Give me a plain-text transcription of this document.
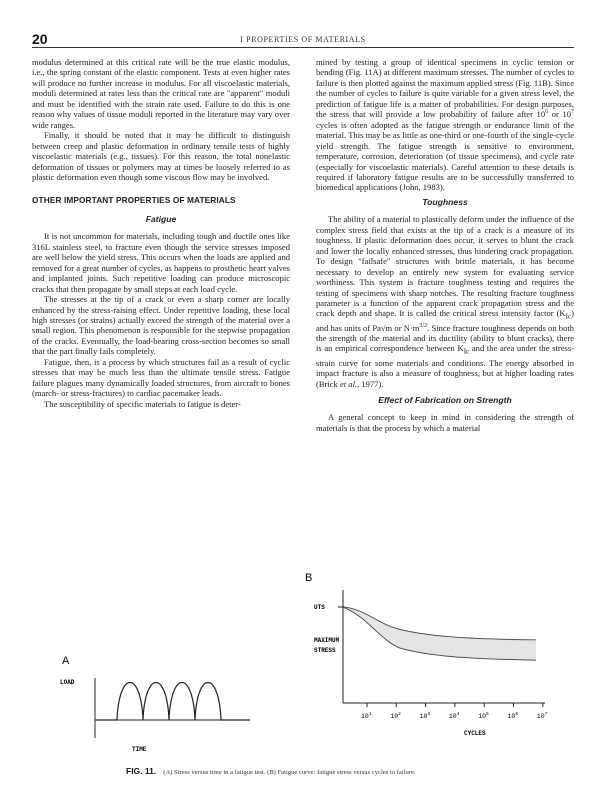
20	I PROPERTIES OF MATERIALS

modulus determined at this critical rate will be the true elastic modulus, i.e., the spring constant of the elastic component. Tests at even higher rates will produce no further increase in modulus. For all viscoelastic materials, moduli determined at rates less than the critical rate are "apparent" moduli and must be identified with the strain rate used. Failure to do this is one reason why values of tissue moduli reported in the literature may vary over wide ranges.

Finally, it should be noted that it may be difficult to distinguish between creep and plastic deformation in ordinary tensile tests of highly viscoelastic materials (e.g., tissues). For this reason, the total nonelastic deformation of tissues or polymers may at times be loosely referred to as plastic deformation even though some viscous flow may be involved.

OTHER IMPORTANT PROPERTIES OF MATERIALS
Fatigue

It is not uncommon for materials, including tough and ductile ones like 316L stainless steel, to fracture even though the service stresses imposed are well below the yield stress. This occurs when the loads are applied and removed for a great number of cycles, as happens to prosthetic heart valves and implanted joints. Such repetitive loading can produce microscopic cracks that then propagate by small steps at each load cycle.

The stresses at the tip of a crack or even a sharp corner are locally enhanced by the stress-raising effect. Under repetitive loading, these local high stresses (or strains) actually exceed the strength of the material over a small region. This phenomenon is responsible for the stepwise propagation of the cracks. Eventually, the load-bearing cross-section becomes so small that the part finally fails completely.

Fatigue, then, is a process by which structures fail as a result of cyclic stresses that may be much less than the ultimate tensile stress. Fatigue failure plagues many dynamically loaded structures, from aircraft to bones (march- or stress-fractures) to cardiac pacemaker leads.

The susceptibility of specific materials to fatigue is deter-

mined by testing a group of identical specimens in cyclic tension or bending (Fig. 11A) at different maximum stresses. The number of cycles to failure is then plotted against the maximum applied stress (Fig. 11B). Since the number of cycles to failure is quite variable for a given stress level, the prediction of fatigue life is a matter of probabilities. For design purposes, the stress that will provide a low probability of failure after $10^6$ or $10^7$ cycles is often adopted as the fatigue strength or endurance limit of the material. This may be as little as one-third or one-fourth of the single-cycle yield strength. The fatigue strength is sensitive to environment, temperature, corrosion, deterioration (of tissue specimens), and cycle rate (especially for viscoelastic materials). Careful attention to these details is required if laboratory fatigue results are to be successfully transferred to biomedical applications (John, 1983).

Toughness

The ability of a material to plastically deform under the influence of the complex stress field that exists at the tip of a crack is a measure of its toughness. If plastic deformation does occur, it serves to blunt the crack and lower the locally enhanced stresses, thus hindering crack propagation. To design "failsafe" structures with brittle materials, it has become necessary to develop an entirely new system for evaluating service worthiness. This system is fracture toughness testing and requires the testing of specimens with sharp notches. The resulting fracture toughness parameter is a function of the apparent crack propagation stress and the crack depth and shape. It is called the critical stress intensity factor $(K_{Ic})$ and has units of Pa√m or $N\cdot m^{3/2}$. Since fracture toughness depends on both the strength of the material and its ductility (ability to blunt cracks), there is an empirical correspondence between $K_{Ic}$ and the area under the stress-strain curve for some materials and conditions. The energy absorbed in impact fracture is also a measure of toughness, but at higher loading rates (Brick et al., 1977).

Effect of Fabrication on Strength

A general concept to keep in mind in considering the strength of materials is that the process by which a material

A
LOAD
TIME
B
UTS
MAXIMUM
STRESS
$10^1$	$10^2$	$10^3$	$10^4$	$10^5$	$10^6$	$10^7$
CYCLES
FIG. 11. (A) Stress versus time in a fatigue test. (B) Fatigue curve: fatigue stress versus cycles to failure.
